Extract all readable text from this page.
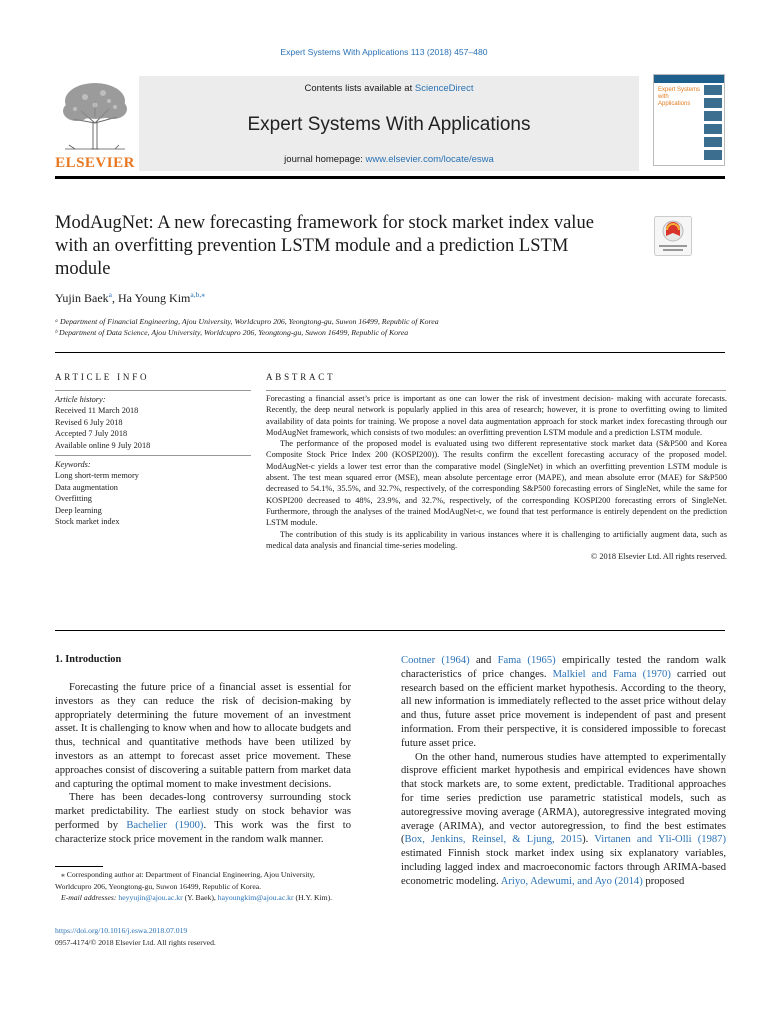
Expert Systems With Applications 113 (2018) 457–480
ELSEVIER
Contents lists available at ScienceDirect
Expert Systems With Applications
journal homepage: www.elsevier.com/locate/eswa
Expert Systems with Applications
ModAugNet: A new forecasting framework for stock market index value with an overfitting prevention LSTM module and a prediction LSTM module
Yujin Baek$^a$, Ha Young Kim$^{a,b,⁎}$
ᵃ Department of Financial Engineering, Ajou University, Worldcupro 206, Yeongtong-gu, Suwon 16499, Republic of Korea
ᵇ Department of Data Science, Ajou University, Worldcupro 206, Yeongtong-gu, Suwon 16499, Republic of Korea
ARTICLE INFO	ABSTRACT
Article history:
Received 11 March 2018
Revised 6 July 2018
Accepted 7 July 2018
Available online 9 July 2018
Keywords:
Long short-term memory
Data augmentation
Overfitting
Deep learning
Stock market index

Forecasting a financial asset’s price is important as one can lower the risk of investment decision- making with accurate forecasts. Recently, the deep neural network is popularly applied in this area of research; however, it is prone to overfitting owing to limited availability of data points for training. We propose a novel data augmentation approach for stock market index forecasting through our ModAugNet framework, which consists of two modules: an overfitting prevention LSTM module and a prediction LSTM module.

The performance of the proposed model is evaluated using two different representative stock market data (S&P500 and Korea Composite Stock Price Index 200 (KOSPI200)). The results confirm the excellent forecasting accuracy of the proposed model. ModAugNet-c yields a lower test error than the comparative model (SingleNet) in which an overfitting prevention LSTM module is absent. The test mean squared error (MSE), mean absolute percentage error (MAPE), and mean absolute error (MAE) for S&P500 decreased to 54.1%, 35.5%, and 32.7%, respectively, of the corresponding S&P500 forecasting errors of SingleNet, while the same for KOSPI200 decreased to 48%, 23.9%, and 32.7%, respectively, of the corresponding KOSPI200 forecasting errors of SingleNet. Furthermore, through the analyses of the trained ModAugNet-c, we found that test performance is entirely dependent on the prediction LSTM module.

The contribution of this study is its applicability in various instances where it is challenging to artificially augment data, such as medical data analysis and financial time-series modeling.

© 2018 Elsevier Ltd. All rights reserved.
1. Introduction

Forecasting the future price of a financial asset is essential for investors as they can reduce the risk of decision-making by appropriately determining the future movement of an investment asset. It is challenging to know when and how to allocate budgets and thus, technical and quantitative methods have been utilized by investors as an attempt to forecast asset price movement. These approaches consist of discovering a suitable pattern from market data and capturing the optimal moment to make investment decisions.

There has been decades-long controversy surrounding stock market predictability. The earliest study on stock behavior was performed by Bachelier (1900). This work was the first to characterize stock price movement in the random walk manner.

Cootner (1964) and Fama (1965) empirically tested the random walk characteristics of price changes. Malkiel and Fama (1970) carried out research based on the efficient market hypothesis. According to the theory, all new information is immediately reflected to the asset price without delay and thus, future asset price movement is independent of past and present information. From their perspective, it is considered impossible to forecast future asset price.

On the other hand, numerous studies have attempted to experimentally disprove efficient market hypothesis and empirical evidences have shown that stock markets are, to some extent, predictable. Traditional approaches for time series prediction use parametric statistical models, such as autoregressive moving average (ARMA), autoregressive integrated moving average (ARIMA), and vector autoregression, to find the best estimates (Box, Jenkins, Reinsel, & Ljung, 2015). Virtanen and Yli-Olli (1987) estimated Finnish stock market index using six explanatory variables, including lagged index and macroeconomic factors through ARIMA-based econometric modeling. Ariyo, Adewumi, and Ayo (2014) proposed

⁎ Corresponding author at: Department of Financial Engineering, Ajou University, Worldcupro 206, Yeongtong-gu, Suwon 16499, Republic of Korea.

E-mail addresses: heyyujin@ajou.ac.kr (Y. Baek), hayoungkim@ajou.ac.kr (H.Y. Kim).

https://doi.org/10.1016/j.eswa.2018.07.019
0957-4174/© 2018 Elsevier Ltd. All rights reserved.
